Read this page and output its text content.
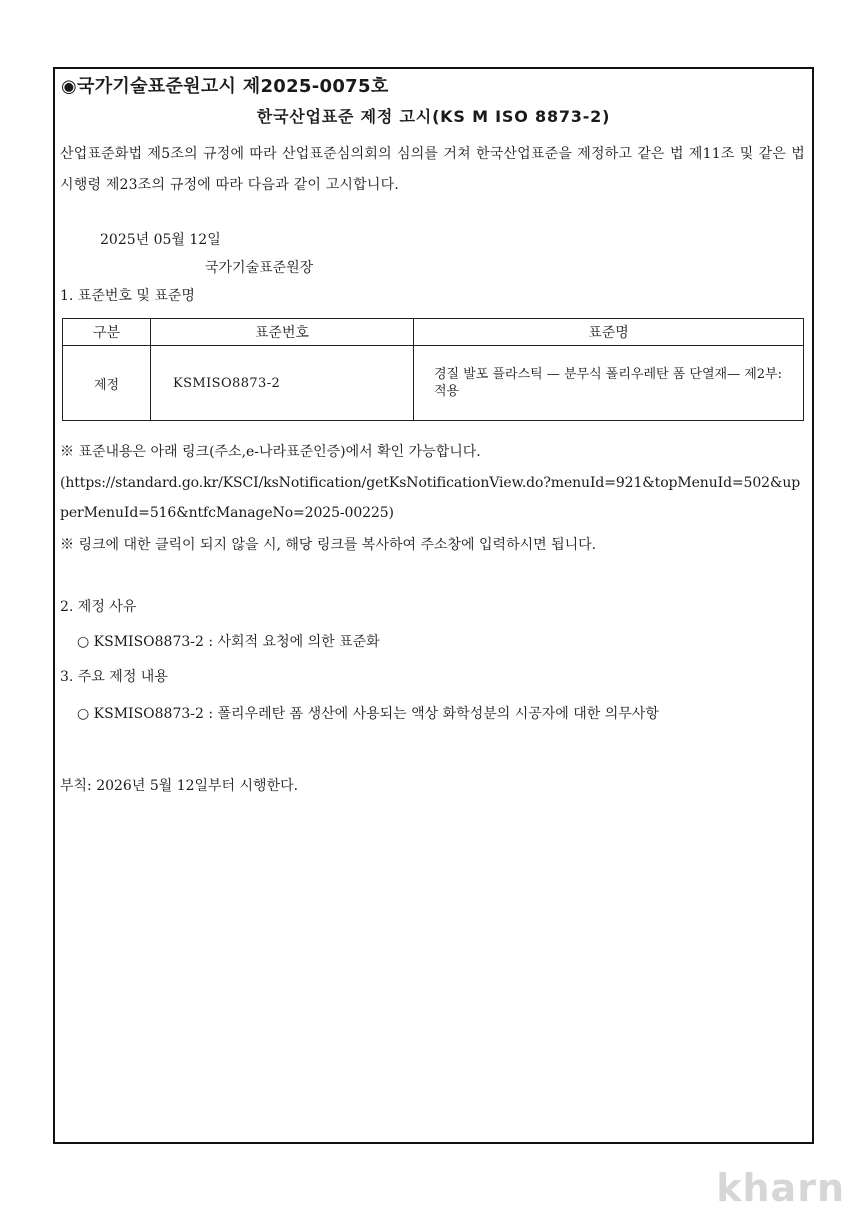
◉국가기술표준원고시 제2025-0075호
한국산업표준 제정 고시(KS M ISO 8873-2)
산업표준화법 제5조의 규정에 따라 산업표준심의회의 심의를 거쳐 한국산업표준을 제정하고 같은 법 제11조 및 같은 법 시행령 제23조의 규정에 따라 다음과 같이 고시합니다.
2025년 05월 12일
국가기술표준원장
1. 표준번호 및 표준명
구분	표준번호	표준명
제정	KSMISO8873-2	경질 발포 플라스틱 — 분무식 폴리우레탄 폼 단열재— 제2부: 적용
※ 표준내용은 아래 링크(주소,e-나라표준인증)에서 확인 가능합니다.
(https://standard.go.kr/KSCI/ksNotification/getKsNotificationView.do?menuId=921&topMenuId=502&upperMenuId=516&ntfcManageNo=2025-00225)
※ 링크에 대한 클릭이 되지 않을 시, 해당 링크를 복사하여 주소창에 입력하시면 됩니다.
2. 제정 사유
○ KSMISO8873-2 : 사회적 요청에 의한 표준화
3. 주요 제정 내용
○ KSMISO8873-2 : 폴리우레탄 폼 생산에 사용되는 액상 화학성분의 시공자에 대한 의무사항
부칙: 2026년 5월 12일부터 시행한다.
kharn
